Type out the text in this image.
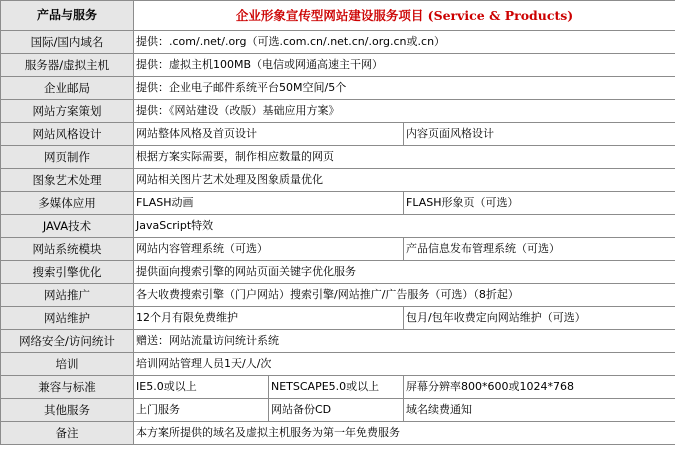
产品与服务	企业形象宣传型网站建设服务项目 (Service & Products)		
国际/国内域名	提供：.com/.net/.org（可选.com.cn/.net.cn/.org.cn或.cn）		
服务器/虚拟主机	提供：虚拟主机100MB（电信或网通高速主干网）		
企业邮局	提供：企业电子邮件系统平台50M空间/5个		
网站方案策划	提供：《网站建设（改版）基础应用方案》		
网站风格设计	网站整体风格及首页设计		内容页面风格设计
网页制作	根据方案实际需要，制作相应数量的网页		
图象艺术处理	网站相关图片艺术处理及图象质量优化		
多媒体应用	FLASH动画		FLASH形象页（可选）
JAVA技术	JavaScript特效		
网站系统模块	网站内容管理系统（可选）		产品信息发布管理系统（可选）
搜索引擎优化	提供面向搜索引擎的网站页面关键字优化服务		
网站推广	各大收费搜索引擎（门户网站）搜索引擎/网站推广/广告服务（可选）（8折起）		
网站维护	12个月有限免费维护		包月/包年收费定向网站维护（可选）
网络安全/访问统计	赠送：网站流量访问统计系统		
培训	培训网站管理人员1天/人/次		
兼容与标准	IE5.0或以上	NETSCAPE5.0或以上	屏幕分辨率800*600或1024*768
其他服务	上门服务	网站备份CD	域名续费通知
备注	本方案所提供的域名及虚拟主机服务为第一年免费服务		
